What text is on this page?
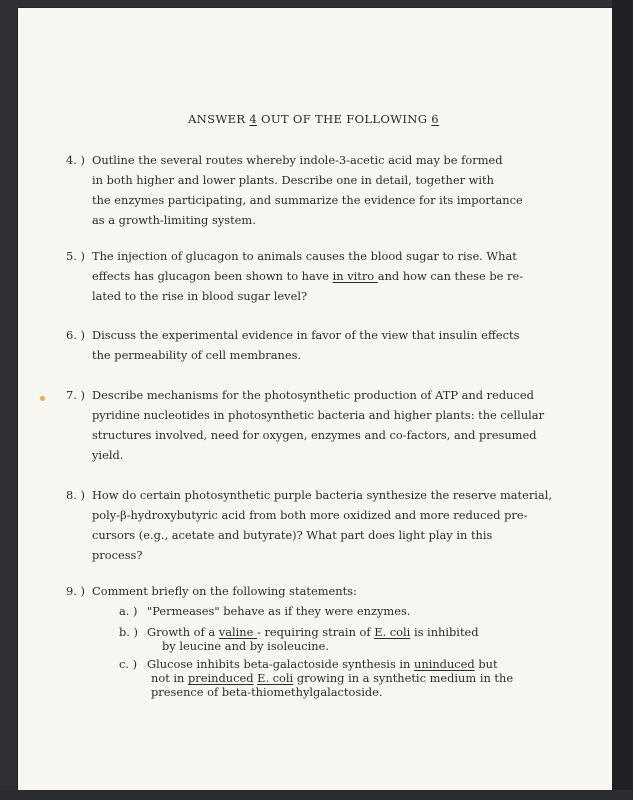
ANSWER 4 OUT OF THE FOLLOWING 6
4. ) Outline the several routes whereby indole-3-acetic acid may be formed
in both higher and lower plants. Describe one in detail, together with
the enzymes participating, and summarize the evidence for its importance
as a growth-limiting system.
5. ) The injection of glucagon to animals causes the blood sugar to rise. What
effects has glucagon been shown to have in vitro and how can these be re-
lated to the rise in blood sugar level?
6. ) Discuss the experimental evidence in favor of the view that insulin effects
the permeability of cell membranes.
7. ) Describe mechanisms for the photosynthetic production of ATP and reduced
pyridine nucleotides in photosynthetic bacteria and higher plants: the cellular
structures involved, need for oxygen, enzymes and co-factors, and presumed
yield.
8. ) How do certain photosynthetic purple bacteria synthesize the reserve material,
poly-β-hydroxybutyric acid from both more oxidized and more reduced pre-
cursors (e.g., acetate and butyrate)? What part does light play in this
process?
9. ) Comment briefly on the following statements:
a. ) "Permeases" behave as if they were enzymes.
b. ) Growth of a valine - requiring strain of E. coli is inhibited
by leucine and by isoleucine.
c. ) Glucose inhibits beta-galactoside synthesis in uninduced but
not in preinduced E. coli growing in a synthetic medium in the
presence of beta-thiomethylgalactoside.
